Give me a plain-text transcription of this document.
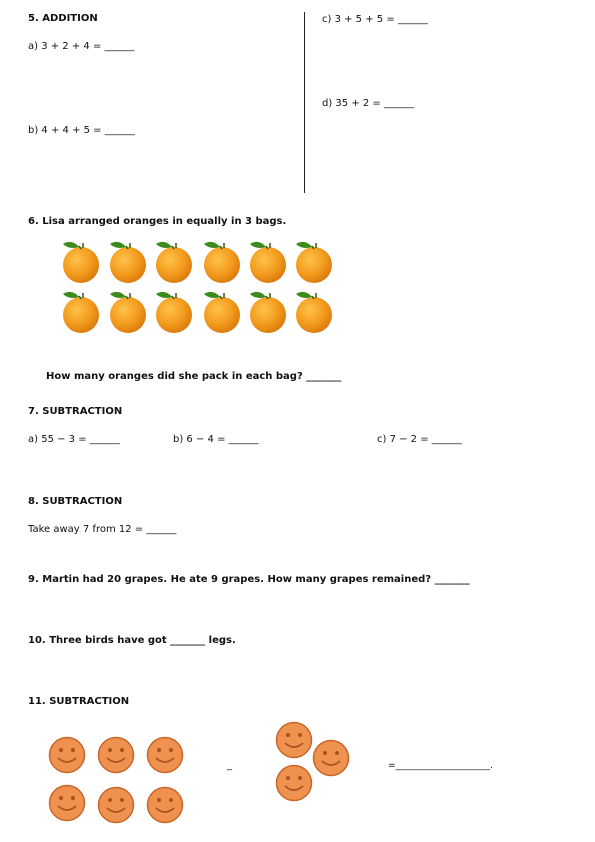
5. ADDITION
a) 3 + 2 + 4 = ______
b) 4 + 4 + 5 = ______
c) 3 + 5 + 5 = ______
d) 35 + 2 = ______
6. Lisa arranged oranges in equally in 3 bags.
How many oranges did she pack in each bag? _______
7. SUBTRACTION
a) 55 − 3 = ______	b) 6 − 4 = ______	c) 7 − 2 = ______
8. SUBTRACTION
Take away 7 from 12 = ______
9. Martin had 20 grapes. He ate 9 grapes. How many grapes remained? _______
10. Three birds have got _______ legs.
11. SUBTRACTION
_	=_____________________.
